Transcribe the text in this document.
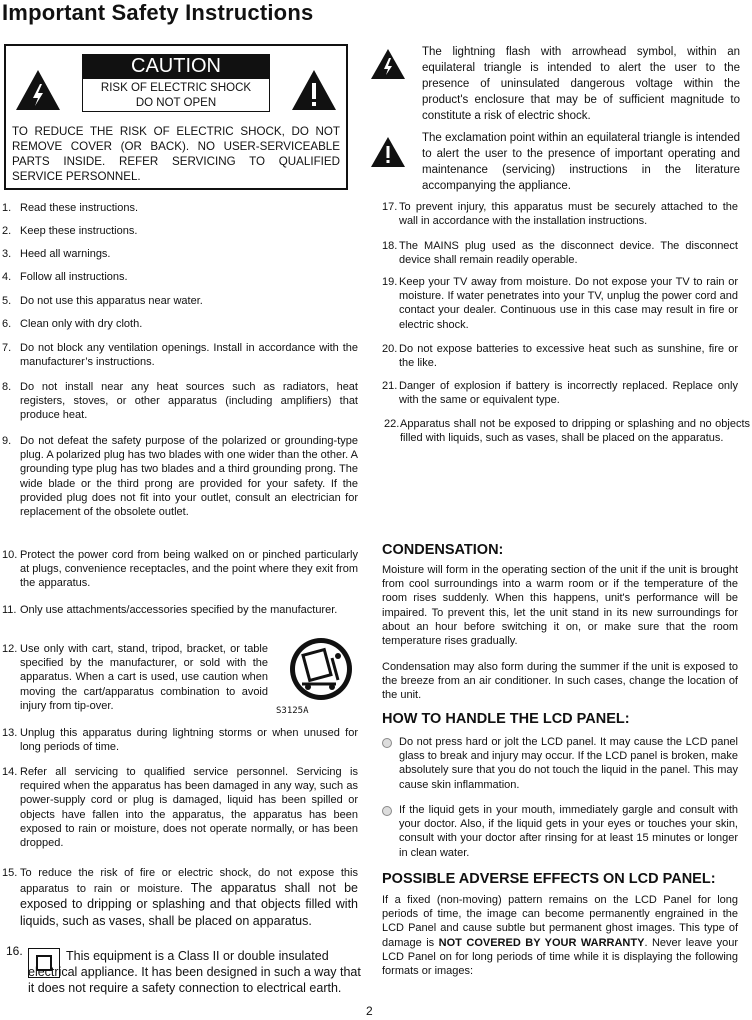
Important Safety Instructions
CAUTION
RISK OF ELECTRIC SHOCK
DO NOT OPEN
TO REDUCE THE RISK OF ELECTRIC SHOCK, DO NOT REMOVE COVER (OR BACK). NO USER-SERVICEABLE PARTS INSIDE. REFER SERVICING TO QUALIFIED SERVICE PERSONNEL.
The lightning flash with arrowhead symbol, within an equilateral triangle is intended to alert the user to the presence of uninsulated dangerous voltage within the product's enclosure that may be of sufficient magnitude to constitute a risk of electric shock.
The exclamation point within an equilateral triangle is intended to alert the user to the presence of important operating and maintenance (servicing) instructions in the literature accompanying the appliance.
1. Read these instructions.
2. Keep these instructions.
3. Heed all warnings.
4. Follow all instructions.
5. Do not use this apparatus near water.
6. Clean only with dry cloth.
7. Do not block any ventilation openings. Install in accordance with the manufacturer’s instructions.
8. Do not install near any heat sources such as radiators, heat registers, stoves, or other apparatus (including amplifiers) that produce heat.
9. Do not defeat the safety purpose of the polarized or grounding-type plug. A polarized plug has two blades with one wider than the other. A grounding type plug has two blades and a third grounding prong. The wide blade or the third prong are provided for your safety. If the provided plug does not fit into your outlet, consult an electrician for replacement of the obsolete outlet.
10. Protect the power cord from being walked on or pinched particularly at plugs, convenience receptacles, and the point where they exit from the apparatus.
11. Only use attachments/accessories specified by the manufacturer.
12. Use only with cart, stand, tripod, bracket, or table specified by the manufacturer, or sold with the apparatus. When a cart is used, use caution when moving the cart/apparatus combination to avoid injury from tip-over.
13. Unplug this apparatus during lightning storms or when unused for long periods of time.
14. Refer all servicing to qualified service personnel. Servicing is required when the apparatus has been damaged in any way, such as power-supply cord or plug is damaged, liquid has been spilled or objects have fallen into the apparatus, the apparatus has been exposed to rain or moisture, does not operate normally, or has been dropped.
15. To reduce the risk of fire or electric shock, do not expose this apparatus to rain or moisture. The apparatus shall not be exposed to dripping or splashing and that objects filled with liquids, such as vases, shall be placed on apparatus.
S3125A
16.	This equipment is a Class II or double insulated electrical appliance. It has been designed in such a way that it does not require a safety connection to electrical earth.
17. To prevent injury, this apparatus must be securely attached to the wall in accordance with the installation instructions.
18. The MAINS plug used as the disconnect device. The disconnect device shall remain readily operable.
19. Keep your TV away from moisture. Do not expose your TV to rain or moisture. If water penetrates into your TV, unplug the power cord and contact your dealer. Continuous use in this case may result in fire or electric shock.
20. Do not expose batteries to excessive heat such as sunshine, fire or the like.
21. Danger of explosion if battery is incorrectly replaced. Replace only with the same or equivalent type.
22. Apparatus shall not be exposed to dripping or splashing and no objects filled with liquids, such as vases, shall be placed on the apparatus.
CONDENSATION:
Moisture will form in the operating section of the unit if the unit is brought from cool surroundings into a warm room or if the temperature of the room rises suddenly. When this happens, unit's performance will be impaired. To prevent this, let the unit stand in its new surroundings for about an hour before switching it on, or make sure that the room temperature rises gradually.
Condensation may also form during the summer if the unit is exposed to the breeze from an air conditioner. In such cases, change the location of the unit.
HOW TO HANDLE THE LCD PANEL:
Do not press hard or jolt the LCD panel. It may cause the LCD panel glass to break and injury may occur. If the LCD panel is broken, make absolutely sure that you do not touch the liquid in the panel. This may cause skin inflammation.
If the liquid gets in your mouth, immediately gargle and consult with your doctor. Also, if the liquid gets in your eyes or touches your skin, consult with your doctor after rinsing for at least 15 minutes or longer in clean water.
POSSIBLE ADVERSE EFFECTS ON LCD PANEL:
If a fixed (non-moving) pattern remains on the LCD Panel for long periods of time, the image can become permanently engrained in the LCD Panel and cause subtle but permanent ghost images. This type of damage is NOT COVERED BY YOUR WARRANTY. Never leave your LCD Panel on for long periods of time while it is displaying the following formats or images:
2
